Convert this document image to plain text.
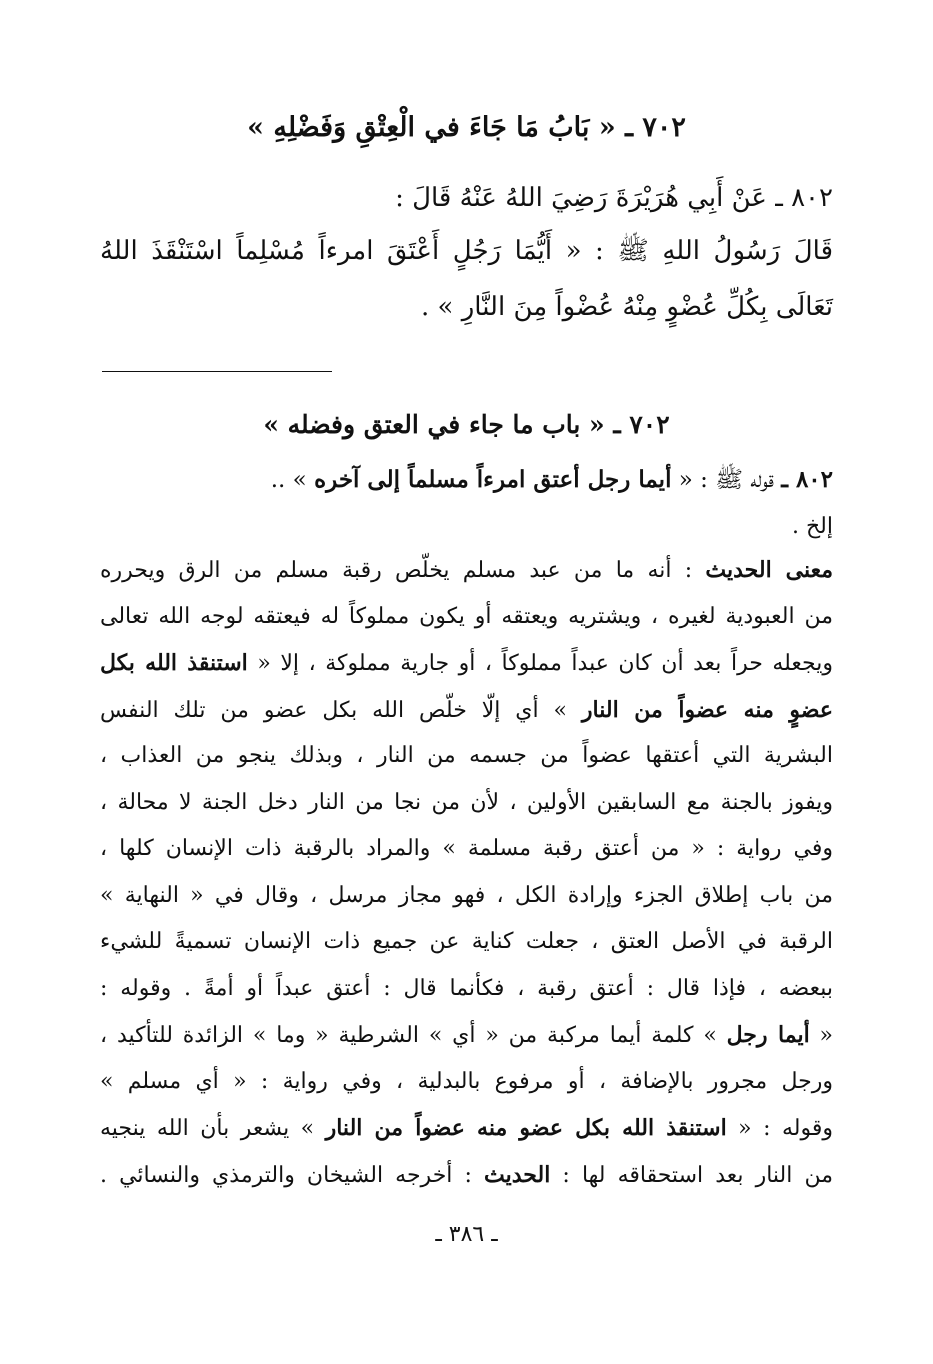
٧٠٢ ـ « بَابُ مَا جَاءَ في الْعِتْقِ وَفَضْلِهِ »
٨٠٢ ـ عَنْ أَبِي هُرَيْرَةَ رَضِيَ اللهُ عَنْهُ قَالَ :
قَالَ رَسُولُ اللهِ ﷺ : « أَيُّمَا رَجُلٍ أَعْتَقَ امرءاً مُسْلِماً اسْتَنْقَذَ اللهُ
تَعَالَى بِكُلِّ عُضْوٍ مِنْهُ عُضْواً مِنَ النَّارِ » .
٧٠٢ ـ « باب ما جاء في العتق وفضله »
٨٠٢ ـ قوله ﷺ : « أيما رجل أعتق امرءاً مسلماً إلى آخره » ..
إلخ .
معنى الحديث : أنه ما من عبد مسلم يخلّص رقبة مسلم من الرق ويحرره
من العبودية لغيره ، ويشتريه ويعتقه أو يكون مملوكاً له فيعتقه لوجه الله تعالى
ويجعله حراً بعد أن كان عبداً مملوكاً ، أو جارية مملوكة ، إلا « استنقذ الله بكل
عضوٍ منه عضواً من النار » أي إلّا خلّص الله بكل عضو من تلك النفس
البشرية التي أعتقها عضواً من جسمه من النار ، وبذلك ينجو من العذاب ،
ويفوز بالجنة مع السابقين الأولين ، لأن من نجا من النار دخل الجنة لا محالة ،
وفي رواية : « من أعتق رقبة مسلمة » والمراد بالرقبة ذات الإنسان كلها ،
من باب إطلاق الجزء وإرادة الكل ، فهو مجاز مرسل ، وقال في « النهاية »
الرقبة في الأصل العتق ، جعلت كناية عن جميع ذات الإنسان تسميةً للشيء
ببعضه ، فإذا قال : أعتق رقبة ، فكأنما قال : أعتق عبداً أو أمةً . وقوله :
« أيما رجل » كلمة أيما مركبة من « أي » الشرطية « وما » الزائدة للتأكيد ،
ورجل مجرور بالإضافة ، أو مرفوع بالبدلية ، وفي رواية : « أي مسلم »
وقوله : « استنقذ الله بكل عضو منه عضواً من النار » يشعر بأن الله ينجيه
من النار بعد استحقاقه لها : الحديث : أخرجه الشيخان والترمذي والنسائي .
ـ ٣٨٦ ـ
